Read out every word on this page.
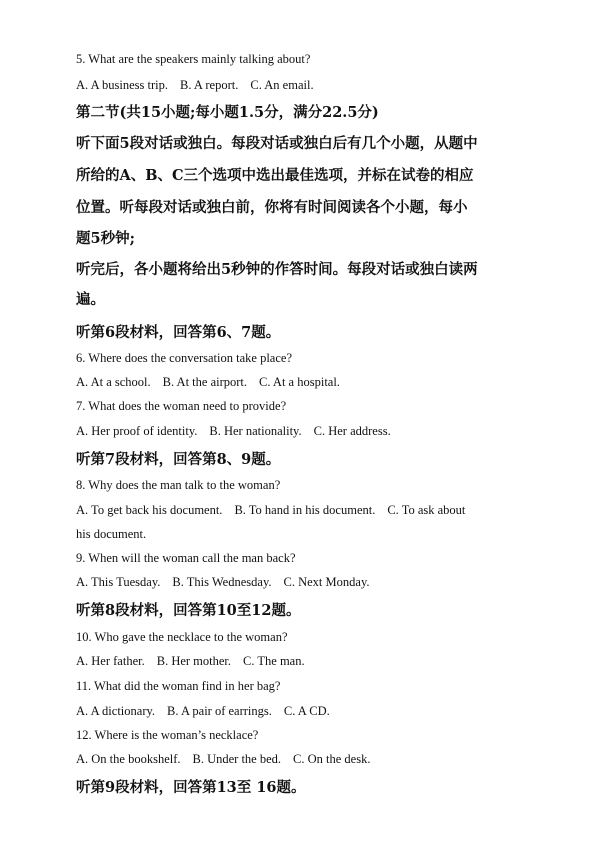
5. What are the speakers mainly talking about?
A. A business trip. B. A report. C. An email.
第二节(共15小题;每小题1.5分，满分22.5分)
听下面5段对话或独白。每段对话或独白后有几个小题，从题中
所给的A、B、C三个选项中选出最佳选项，并标在试卷的相应
位置。听每段对话或独白前，你将有时间阅读各个小题，每小
题5秒钟;
听完后，各小题将给出5秒钟的作答时间。每段对话或独白读两
遍。
听第6段材料，回答第6、7题。
6. Where does the conversation take place?
A. At a school. B. At the airport. C. At a hospital.
7. What does the woman need to provide?
A. Her proof of identity. B. Her nationality. C. Her address.
听第7段材料，回答第8、9题。
8. Why does the man talk to the woman?
A. To get back his document. B. To hand in his document. C. To ask about
his document.
9. When will the woman call the man back?
A. This Tuesday. B. This Wednesday. C. Next Monday.
听第8段材料，回答第10至12题。
10. Who gave the necklace to the woman?
A. Her father. B. Her mother. C. The man.
11. What did the woman find in her bag?
A. A dictionary. B. A pair of earrings. C. A CD.
12. Where is the woman’s necklace?
A. On the bookshelf. B. Under the bed. C. On the desk.
听第9段材料，回答第13至 16题。
